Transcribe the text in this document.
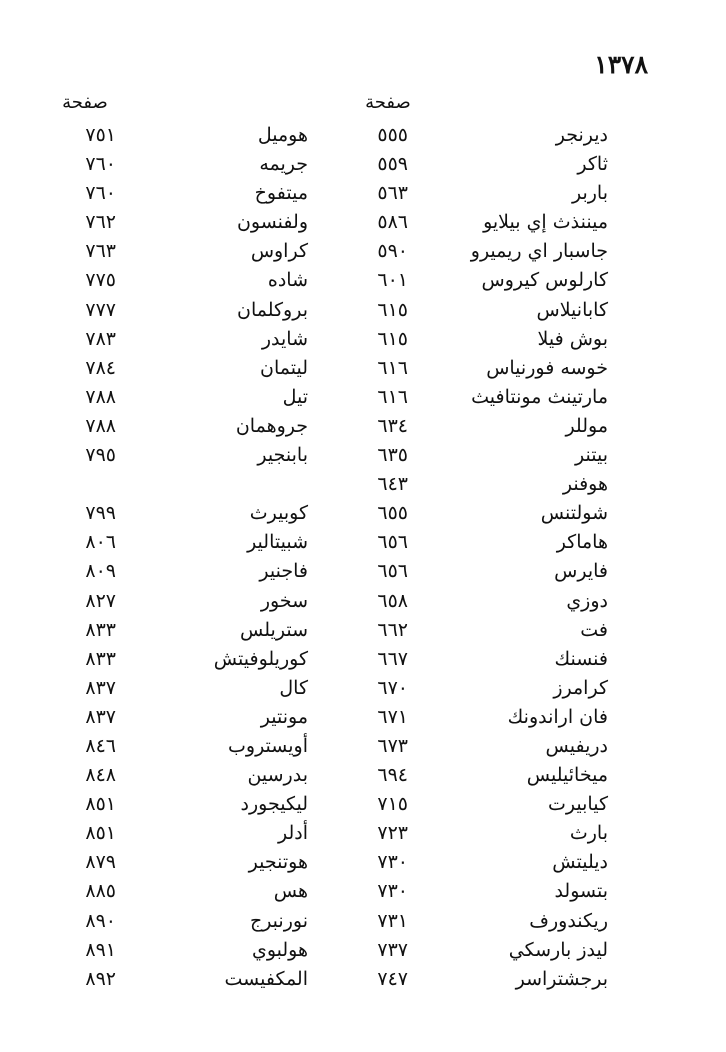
۱۳۷۸
صفحة
صفحة
ديرنجر
٥٥٥
هوميل
٧٥١
ثاكر
٥٥٩
جريمه
٧٦٠
باربر
٥٦٣
ميتفوخ
٧٦٠
ميننذث إي بيلايو
٥٨٦
ولفنسون
٧٦٢
جاسبار اي ريميرو
٥٩٠
كراوس
٧٦٣
كارلوس كيروس
٦٠١
شاده
٧٧٥
كابانيلاس
٦١٥
بروكلمان
٧٧٧
بوش فيلا
٦١٥
شايدر
٧٨٣
خوسه فورنياس
٦١٦
ليتمان
٧٨٤
مارتينث مونتافيث
٦١٦
تيل
٧٨٨
موللر
٦٣٤
جروهمان
٧٨٨
بيتنر
٦٣٥
بابنجير
٧٩٥
هوفنر
٦٤٣
شولتنس
٦٥٥
كوبيرث
٧٩٩
هاماكر
٦٥٦
شبيتالير
٨٠٦
فايرس
٦٥٦
فاجنير
٨٠٩
دوزي
٦٥٨
سخور
٨٢٧
فت
٦٦٢
ستريلس
٨٣٣
فنسنك
٦٦٧
كوريلوفيتش
٨٣٣
كرامرز
٦٧٠
كال
٨٣٧
فان اراندونك
٦٧١
مونتير
٨٣٧
دريفيس
٦٧٣
أويستروب
٨٤٦
ميخائيليس
٦٩٤
بدرسين
٨٤٨
كيابيرت
٧١٥
ليكيجورد
٨٥١
بارث
٧٢٣
أدلر
٨٥١
ديليتش
٧٣٠
هوتنجير
٨٧٩
بتسولد
٧٣٠
هس
٨٨٥
ريكندورف
٧٣١
نورنبرج
٨٩٠
ليدز بارسكي
٧٣٧
هولبوي
٨٩١
برجشتراسر
٧٤٧
المكفيست
٨٩٢
